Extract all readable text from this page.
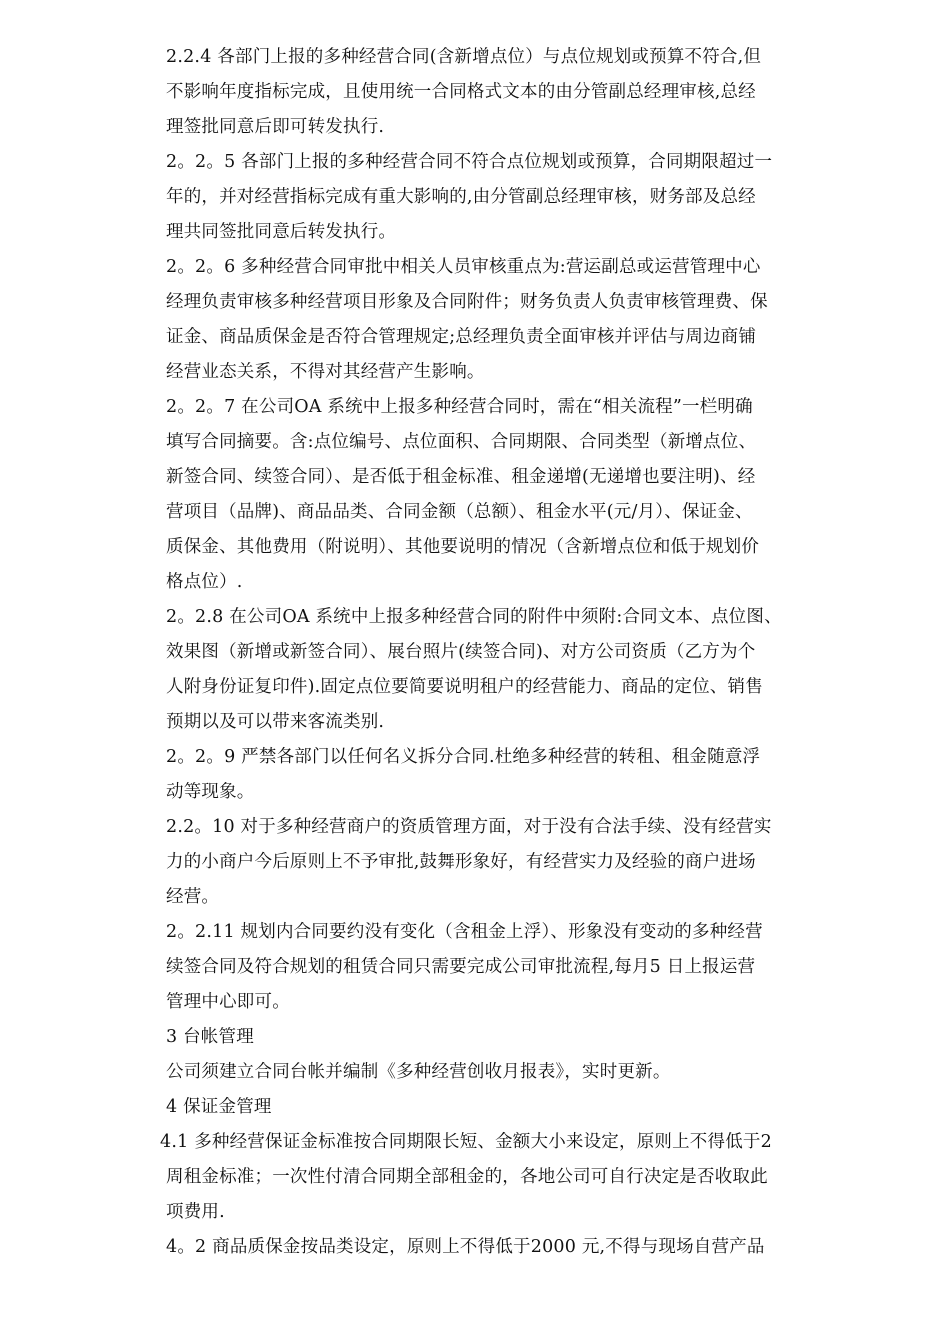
2.2.4 各部门上报的多种经营合同(含新增点位）与点位规划或预算不符合,但
不影响年度指标完成，且使用统一合同格式文本的由分管副总经理审核,总经
理签批同意后即可转发执行.
2。2。5 各部门上报的多种经营合同不符合点位规划或预算，合同期限超过一
年的，并对经营指标完成有重大影响的,由分管副总经理审核，财务部及总经
理共同签批同意后转发执行。
2。2。6 多种经营合同审批中相关人员审核重点为:营运副总或运营管理中心
经理负责审核多种经营项目形象及合同附件；财务负责人负责审核管理费、保
证金、商品质保金是否符合管理规定;总经理负责全面审核并评估与周边商铺
经营业态关系，不得对其经营产生影响。
2。2。7 在公司OA 系统中上报多种经营合同时，需在“相关流程”一栏明确
填写合同摘要。含:点位编号、点位面积、合同期限、合同类型（新增点位、
新签合同、续签合同）、是否低于租金标准、租金递增(无递增也要注明)、经
营项目（品牌)、商品品类、合同金额（总额）、租金水平(元/月）、保证金、
质保金、其他费用（附说明）、其他要说明的情况（含新增点位和低于规划价
格点位）.
2。2.8 在公司OA 系统中上报多种经营合同的附件中须附:合同文本、点位图、
效果图（新增或新签合同）、展台照片(续签合同)、对方公司资质（乙方为个
人附身份证复印件).固定点位要简要说明租户的经营能力、商品的定位、销售
预期以及可以带来客流类别.
2。2。9 严禁各部门以任何名义拆分合同.杜绝多种经营的转租、租金随意浮
动等现象。
2.2。10 对于多种经营商户的资质管理方面，对于没有合法手续、没有经营实
力的小商户今后原则上不予审批,鼓舞形象好，有经营实力及经验的商户进场
经营。
2。2.11 规划内合同要约没有变化（含租金上浮）、形象没有变动的多种经营
续签合同及符合规划的租赁合同只需要完成公司审批流程,每月5 日上报运营
管理中心即可。
3 台帐管理
公司须建立合同台帐并编制《多种经营创收月报表》，实时更新。
4 保证金管理
4.1 多种经营保证金标准按合同期限长短、金额大小来设定，原则上不得低于2
周租金标准；一次性付清合同期全部租金的，各地公司可自行决定是否收取此
项费用.
4。2 商品质保金按品类设定，原则上不得低于2000 元,不得与现场自营产品
